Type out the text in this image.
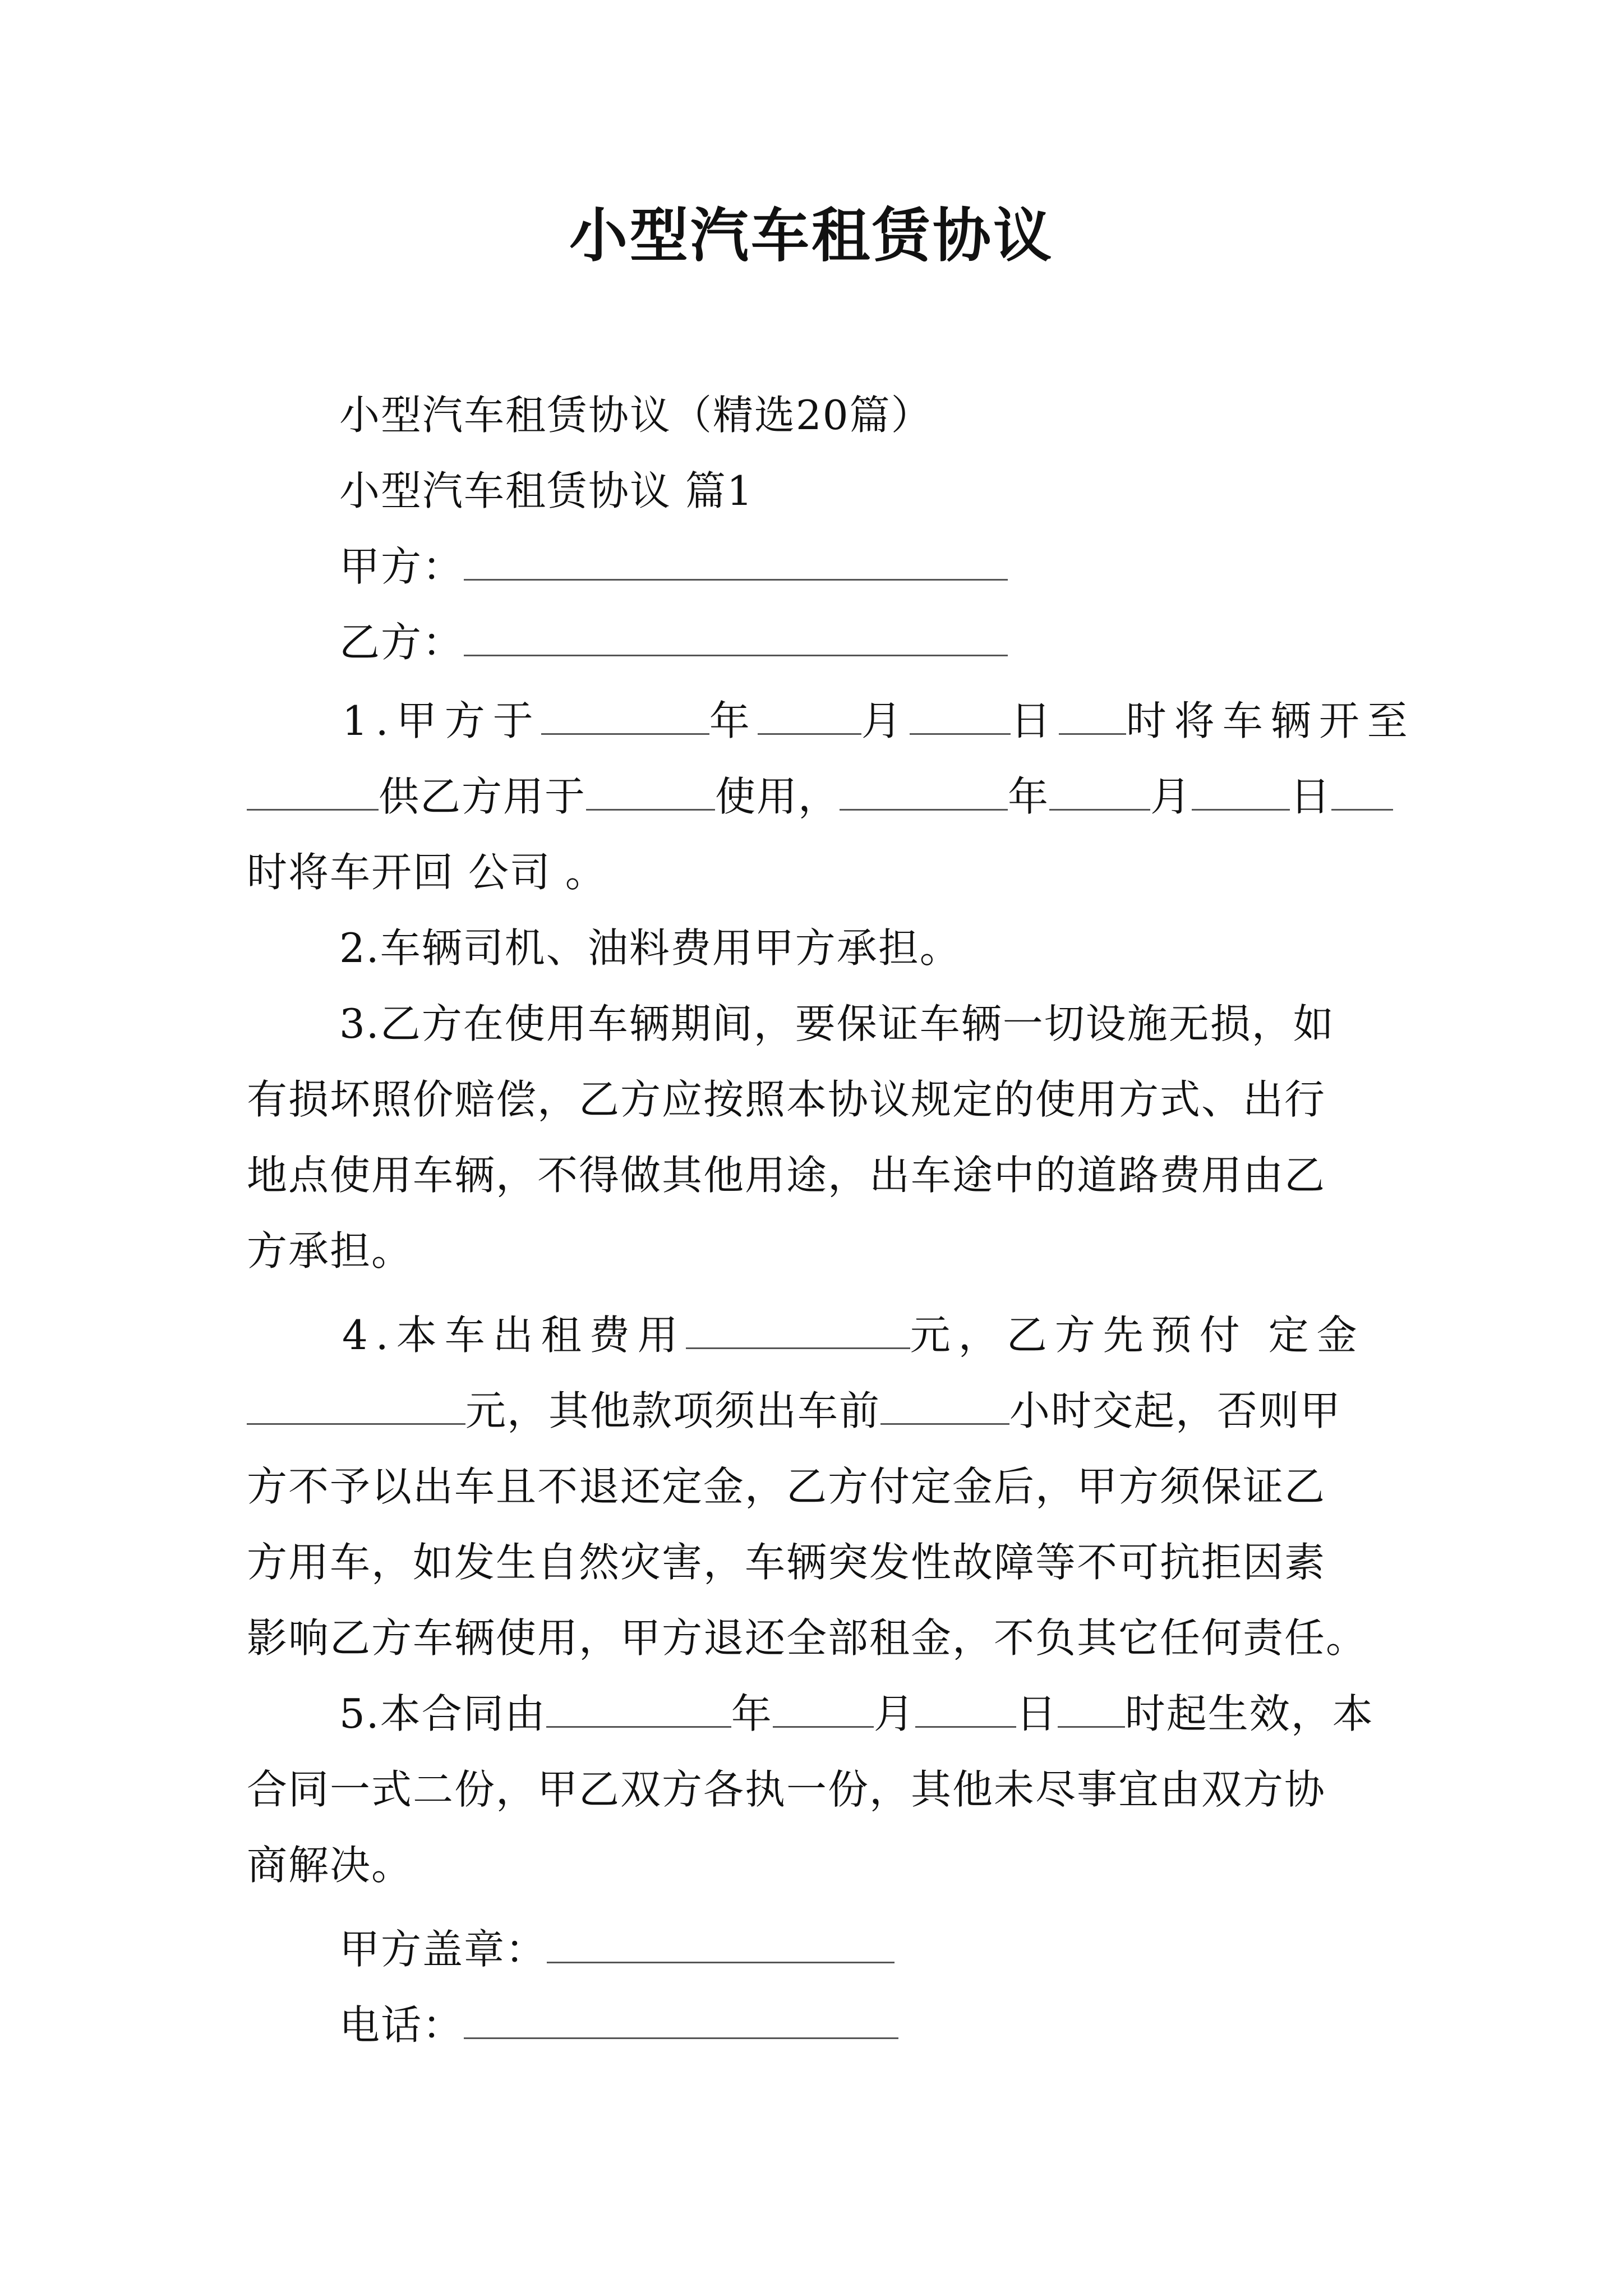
小型汽车租赁协议
小型汽车租赁协议（精选20篇）
小型汽车租赁协议 篇1
甲方：
乙方：
1.甲方于	年	月	日 时将车辆开至
供乙方用于	使用，	年	月 日
时将车开回 公司 。
2.车辆司机、油料费用甲方承担。
3.乙方在使用车辆期间，要保证车辆一切设施无损，如
有损坏照价赔偿，乙方应按照本协议规定的使用方式、出行
地点使用车辆，不得做其他用途，出车途中的道路费用由乙
方承担。
4.本车出租费用	元，乙方先预付 定金
元，其他款项须出车前	小时交起，否则甲
方不予以出车且不退还定金，乙方付定金后，甲方须保证乙
方用车，如发生自然灾害，车辆突发性故障等不可抗拒因素
影响乙方车辆使用，甲方退还全部租金，不负其它任何责任。
5.本合同由	年	月	日 时起生效，本
合同一式二份，甲乙双方各执一份，其他未尽事宜由双方协
商解决。
甲方盖章：
电话：
